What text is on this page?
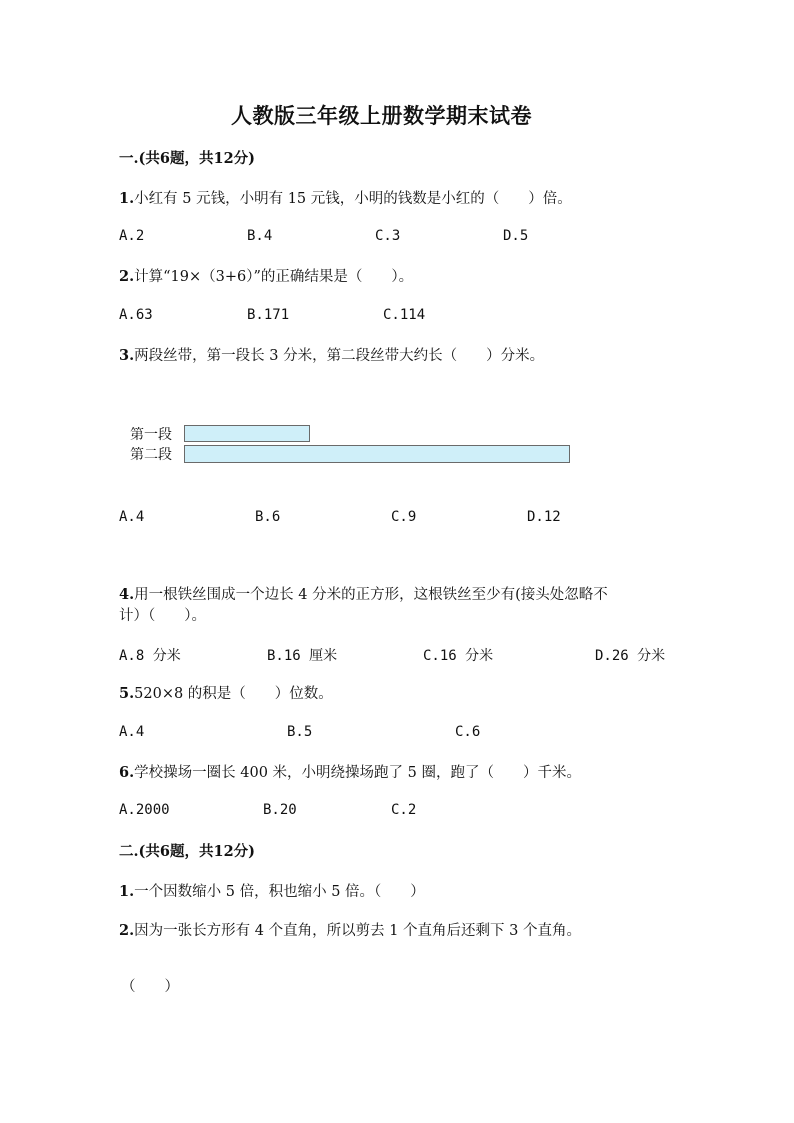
人教版三年级上册数学期末试卷
一.(共6题，共12分)
1.小红有 5 元钱，小明有 15 元钱，小明的钱数是小红的（　　）倍。
A.2	B.4	C.3	D.5
2.计算“19×（3+6）”的正确结果是（　　）。
A.63	B.171	C.114
3.两段丝带，第一段长 3 分米，第二段丝带大约长（　　）分米。
第一段
第二段
A.4	B.6	C.9	D.12
4.用一根铁丝围成一个边长 4 分米的正方形，这根铁丝至少有(接头处忽略不
计）（　　）。
A.8 分米	B.16 厘米	C.16 分米	D.26 分米
5.520×8 的积是（　　）位数。
A.4	B.5	C.6
6.学校操场一圈长 400 米，小明绕操场跑了 5 圈，跑了（　　）千米。
A.2000	B.20	C.2
二.(共6题，共12分)
1.一个因数缩小 5 倍，积也缩小 5 倍。（　　）
2.因为一张长方形有 4 个直角，所以剪去 1 个直角后还剩下 3 个直角。
（　　）
